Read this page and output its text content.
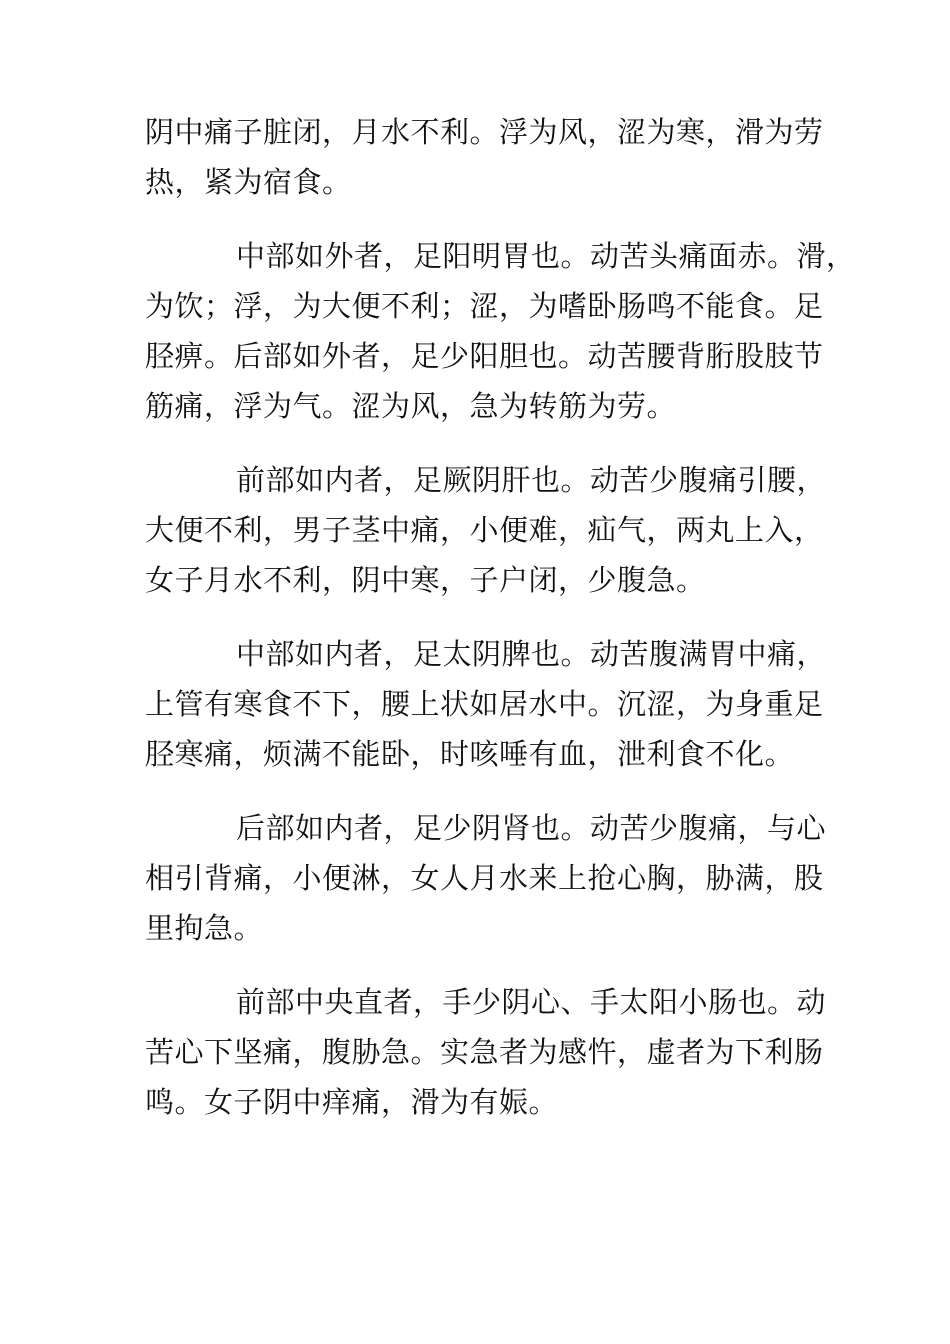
阴中痛子脏闭，月水不利。浮为风，涩为寒，滑为劳
热，紧为宿食。

中部如外者，足阳明胃也。动苦头痛面赤。滑，
为饮；浮，为大便不利；涩，为嗜卧肠鸣不能食。足
胫痹。后部如外者，足少阳胆也。动苦腰背胻股肢节
筋痛，浮为气。涩为风，急为转筋为劳。

前部如内者，足厥阴肝也。动苦少腹痛引腰，
大便不利，男子茎中痛，小便难，疝气，两丸上入，
女子月水不利，阴中寒，子户闭，少腹急。

中部如内者，足太阴脾也。动苦腹满胃中痛，
上管有寒食不下，腰上状如居水中。沉涩，为身重足
胫寒痛，烦满不能卧，时咳唾有血，泄利食不化。

后部如内者，足少阴肾也。动苦少腹痛，与心
相引背痛，小便淋，女人月水来上抢心胸，胁满，股
里拘急。

前部中央直者，手少阴心、手太阳小肠也。动
苦心下坚痛，腹胁急。实急者为感忤，虚者为下利肠
鸣。女子阴中痒痛，滑为有娠。
